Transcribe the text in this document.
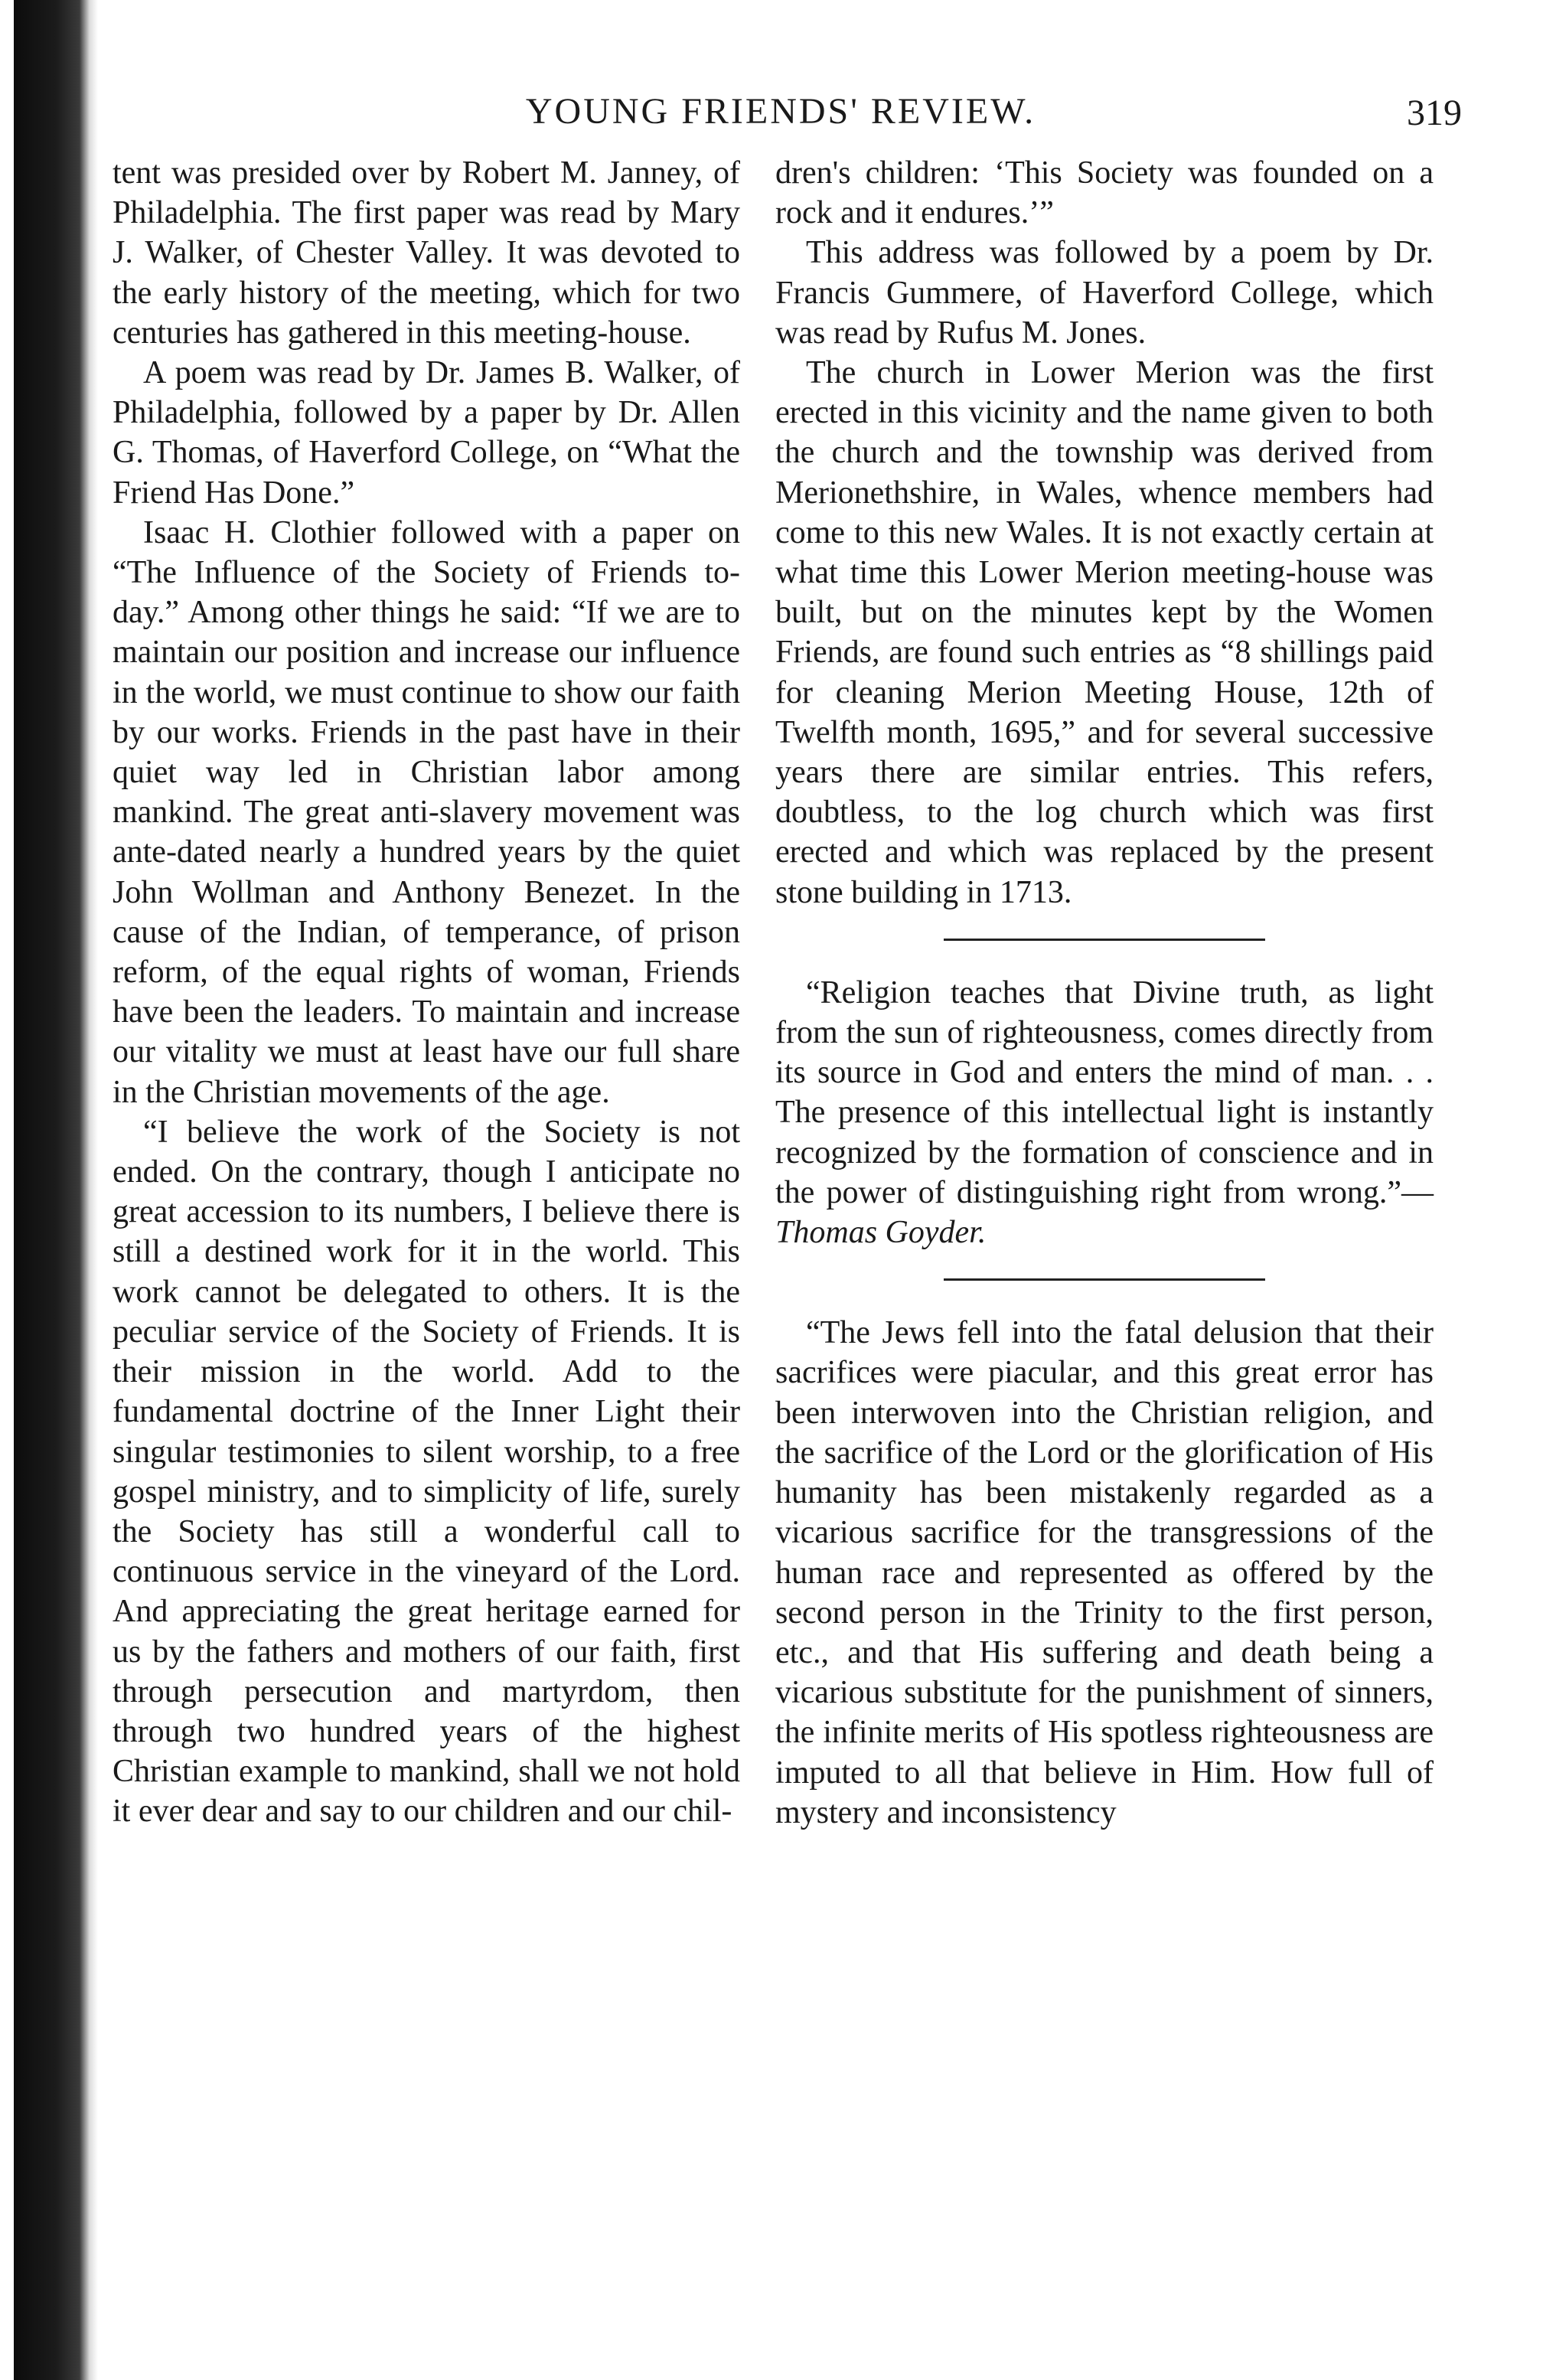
YOUNG FRIENDS' REVIEW.	319

tent was presided over by Robert M. Janney, of Philadelphia. The first paper was read by Mary J. Walker, of Chester Valley. It was devoted to the early history of the meeting, which for two centuries has gathered in this meeting-house.

A poem was read by Dr. James B. Walker, of Philadelphia, followed by a paper by Dr. Allen G. Thomas, of Haverford College, on “What the Friend Has Done.”

Isaac H. Clothier followed with a paper on “The Influence of the Society of Friends to-day.” Among other things he said: “If we are to maintain our position and increase our influence in the world, we must continue to show our faith by our works. Friends in the past have in their quiet way led in Christian labor among mankind. The great anti-slavery movement was ante-dated nearly a hundred years by the quiet John Wollman and Anthony Benezet. In the cause of the Indian, of temperance, of prison reform, of the equal rights of woman, Friends have been the leaders. To maintain and increase our vitality we must at least have our full share in the Christian movements of the age.

“I believe the work of the Society is not ended. On the contrary, though I anticipate no great accession to its numbers, I believe there is still a destined work for it in the world. This work cannot be delegated to others. It is the peculiar service of the Society of Friends. It is their mission in the world. Add to the fundamental doctrine of the Inner Light their singular testimonies to silent worship, to a free gospel ministry, and to simplicity of life, surely the Society has still a wonderful call to continuous service in the vineyard of the Lord. And appreciating the great heritage earned for us by the fathers and mothers of our faith, first through persecution and martyrdom, then through two hundred years of the highest Christian example to mankind, shall we not hold it ever dear and say to our children and our chil-

dren's children: ‘This Society was founded on a rock and it endures.’”

This address was followed by a poem by Dr. Francis Gummere, of Haverford College, which was read by Rufus M. Jones.

The church in Lower Merion was the first erected in this vicinity and the name given to both the church and the township was derived from Merionethshire, in Wales, whence members had come to this new Wales. It is not exactly certain at what time this Lower Merion meeting-house was built, but on the minutes kept by the Women Friends, are found such entries as “8 shillings paid for cleaning Merion Meeting House, 12th of Twelfth month, 1695,” and for several successive years there are similar entries. This refers, doubtless, to the log church which was first erected and which was replaced by the present stone building in 1713.

“Religion teaches that Divine truth, as light from the sun of righteousness, comes directly from its source in God and enters the mind of man. . . The presence of this intellectual light is instantly recognized by the formation of conscience and in the power of distinguishing right from wrong.”— Thomas Goyder.

“The Jews fell into the fatal delusion that their sacrifices were piacular, and this great error has been interwoven into the Christian religion, and the sacrifice of the Lord or the glorification of His humanity has been mistakenly regarded as a vicarious sacrifice for the transgressions of the human race and represented as offered by the second person in the Trinity to the first person, etc., and that His suffering and death being a vicarious substitute for the punishment of sinners, the infinite merits of His spotless righteousness are imputed to all that believe in Him. How full of mystery and inconsistency
